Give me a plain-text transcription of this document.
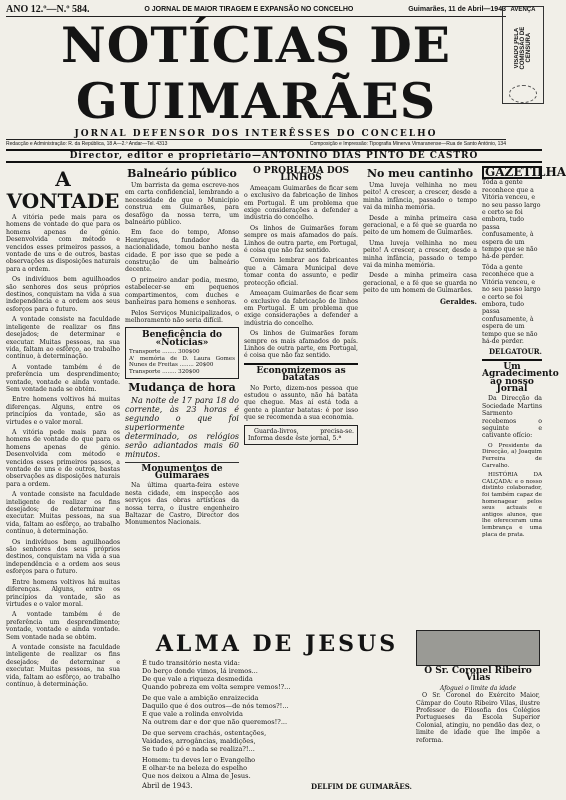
AVENÇA
VISADO PELA COMISSÃO DE CENSURA
ANO 12.º—N.º 584.	O JORNAL DE MAIOR TIRAGEM E EXPANSÃO NO CONCELHO	Guimarães, 11 de Abril—1943
NOTÍCIAS DE GUIMARÃES
JORNAL DEFENSOR DOS INTERÊSSES DO CONCELHO
Redacção e Administração: R. da República, 18 A—2.º Andar—Tel. 4313	Composição e Impressão: Tipografia Minerva Vimaranense—Rua de Santo António, 134
Director, editor e proprietário—ANTONINO DIAS PINTO DE CASTRO
A VONTADE

A vitória pede mais para os homens de vontade do que para os homens apenas de génio. Desenvolvida com método e vencidos esses primeiros passos, a vontade de uns e de outros, bastas observações as disposições naturais para a ordem.

Os indivíduos bem aguilhoados são senhores dos seus próprios destinos, conquistam na vida a sua independência e a ordem aos seus esforços para o futuro.

A vontade consiste na faculdade inteligente de realizar os fins desejados; de determinar e executar. Muitas pessoas, na sua vida, faltam ao esfôrço, ao trabalho contínuo, à determinação.

A vontade também é de preferência um desprendimento; vontade, vontade e ainda vontade. Sem vontade nada se obtém.

Entre homens voltivos há muitas diferenças. Alguns, entre os princípios da vontade, são as virtudes e o valor moral.

A vitória pede mais para os homens de vontade do que para os homens apenas de génio. Desenvolvida com método e vencidos esses primeiros passos, a vontade de uns e de outros, bastas observações as disposições naturais para a ordem.

A vontade consiste na faculdade inteligente de realizar os fins desejados; de determinar e executar. Muitas pessoas, na sua vida, faltam ao esfôrço, ao trabalho contínuo, à determinação.

Os indivíduos bem aguilhoados são senhores dos seus próprios destinos, conquistam na vida a sua independência e a ordem aos seus esforços para o futuro.

Entre homens voltivos há muitas diferenças. Alguns, entre os princípios da vontade, são as virtudes e o valor moral.

A vontade também é de preferência um desprendimento; vontade, vontade e ainda vontade. Sem vontade nada se obtém.

A vontade consiste na faculdade inteligente de realizar os fins desejados; de determinar e executar. Muitas pessoas, na sua vida, faltam ao esfôrço, ao trabalho contínuo, à determinação.

Balneário público

Um barrista da gema escreve-nos em carta confidencial, lembrando a necessidade de que o Município construa em Guimarães, para desafôgo da nossa terra, um balneário público.

Em face do tempo, Afonso Henriques, fundador da nacionalidade, tomou banho nesta cidade. É por isso que se pede a construção de um balneário decente.

O primeiro andar podia, mesmo, estabelecer-se em pequenos compartimentos, com duches e banheiras para homens e senhoras.

Pelos Serviços Municipalizados, o melhoramento não seria difícil.

Beneficência do «Notícias»
Transporte ........ 300$00
A' memória de D. Laura Gomes Nunes de Freitas ........ 20$00
Transporte ........ 320$00
Mudança de hora

Na noite de 17 para 18 do corrente, às 23 horas é segundo o que foi superiormente determinado, os relógios serão adiantados mais 60 minutos.

Monumentos de Guimarães

Na última quarta-feira esteve nesta cidade, em inspecção aos serviços das obras artísticas da nossa terra, o ilustre engenheiro Baltazar de Castro, Director dos Monumentos Nacionais.

O PROBLEMA DOS LINHOS

Ameaçam Guimarães de ficar sem o exclusivo da fabricação de linhos em Portugal. É um problema que exige considerações a defender a indústria do concelho.

Os linhos de Guimarães foram sempre os mais afamados do país. Linhos de outra parte, em Portugal, é coisa que não faz sentido.

Convém lembrar aos fabricantes que a Câmara Municipal deve tomar conta do assunto, e pedir protecção oficial.

Ameaçam Guimarães de ficar sem o exclusivo da fabricação de linhos em Portugal. É um problema que exige considerações a defender a indústria do concelho.

Os linhos de Guimarães foram sempre os mais afamados do país. Linhos de outra parte, em Portugal, é coisa que não faz sentido.

Economizemos as batatas

No Porto, dizem-nos pessoa que estudou o assunto, não há batata que chegue. Mas aí está toda a gente a plantar batatas: é por isso que se recomenda a sua economia.

Guarda-livros, precisa-se. Informa desde êste jornal, 5.ª

No meu cantinho

Uma luveja velhinha no meu peito! A crescer, a crescer, desde a minha infância, passado o tempo vai da minha memória.

Desde a minha primeira casa geracional, e a fé que se guarda no peito de um homem de Guimarães.

Uma luveja velhinha no meu peito! A crescer, a crescer, desde a minha infância, passado o tempo vai da minha memória.

Desde a minha primeira casa geracional, e a fé que se guarda no peito de um homem de Guimarães.

Geraldes.
GAZETILHA

Tôda a gente reconhece que a Vitória venceu, e no seu passo largo e certo se foi embora, tudo passa confusamente, à espera de um tempo que se não há-de perder.

Tôda a gente reconhece que a Vitória venceu, e no seu passo largo e certo se foi embora, tudo passa confusamente, à espera de um tempo que se não há-de perder.

DELGATOUR.
Um Agradecimento ao nosso Jornal

Da Direcção da Sociedade Martins Sarmento recebemos o seguinte e cativante ofício:

O Presidente da Direcção, a) Joaquim Ferreira de Carvalho.

HISTÓRIA DA CALÇADA: e o nosso distinto colaborador, foi também capaz de homenagear pelos seus actuais e antigos alunos, que lhe ofereceram uma lembrança e uma placa de prata.

ALMA DE JESUS
É tudo transitório nesta vida:
Do berço donde vimos, lá iremos...
De que vale a riqueza desmedida
Quando pobreza em volta sempre vemos!?...
De que vale a ambição enraizecida
Daquilo que é dos outros—de nós temos?!...
E que vale a rolinda envolvida
Na outrem dar e dor que não queremos!?...
De que servem crachás, ostentações,
Vaidades, arrogâncias, maldições,
Se tudo é pó e nada se realiza?!...
Homem: tu deves ler o Evangelho
E olhar-te na beleza do espelho
Que nos deixou a Alma de Jesus.
Abril de 1943.	DELFIM DE GUIMARÃES.
O Sr. Coronel Ribeiro Vilas
Afoguei o limite da idade

O Sr. Coronel do Exército Maior, Câmpar do Couto Ribeiro Vilas, ilustre Professor de Filosofia dos Colégios Portugueses da Escola Superior Colonial, atingiu, no pendão das dez, o limite de idade que lhe impõe a reforma.
